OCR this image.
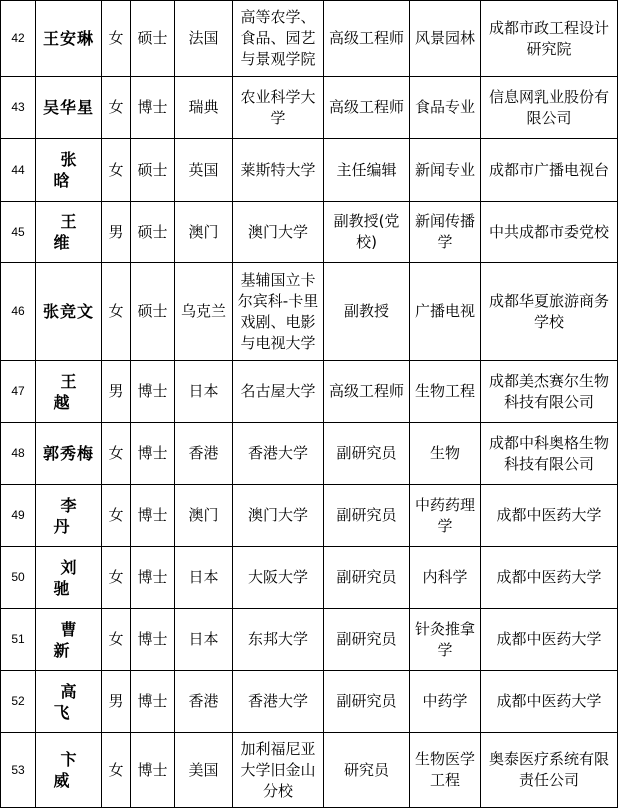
42	王安琳	女	硕士	法国	高等农学、食品、园艺与景观学院	高级工程师	风景园林	成都市政工程设计研究院
43	吴华星	女	博士	瑞典	农业科学大学	高级工程师	食品专业	信息网乳业股份有限公司
44	张晗	女	硕士	英国	莱斯特大学	主任编辑	新闻专业	成都市广播电视台
45	王维	男	硕士	澳门	澳门大学	副教授(党校)	新闻传播学	中共成都市委党校
46	张竞文	女	硕士	乌克兰	基辅国立卡尔宾科-卡里戏剧、电影与电视大学	副教授	广播电视	成都华夏旅游商务学校
47	王越	男	博士	日本	名古屋大学	高级工程师	生物工程	成都美杰赛尔生物科技有限公司
48	郭秀梅	女	博士	香港	香港大学	副研究员	生物	成都中科奥格生物科技有限公司
49	李丹	女	博士	澳门	澳门大学	副研究员	中药药理学	成都中医药大学
50	刘驰	女	博士	日本	大阪大学	副研究员	内科学	成都中医药大学
51	曹新	女	博士	日本	东邦大学	副研究员	针灸推拿学	成都中医药大学
52	高飞	男	博士	香港	香港大学	副研究员	中药学	成都中医药大学
53	卞威	女	博士	美国	加利福尼亚大学旧金山分校	研究员	生物医学工程	奥泰医疗系统有限责任公司
